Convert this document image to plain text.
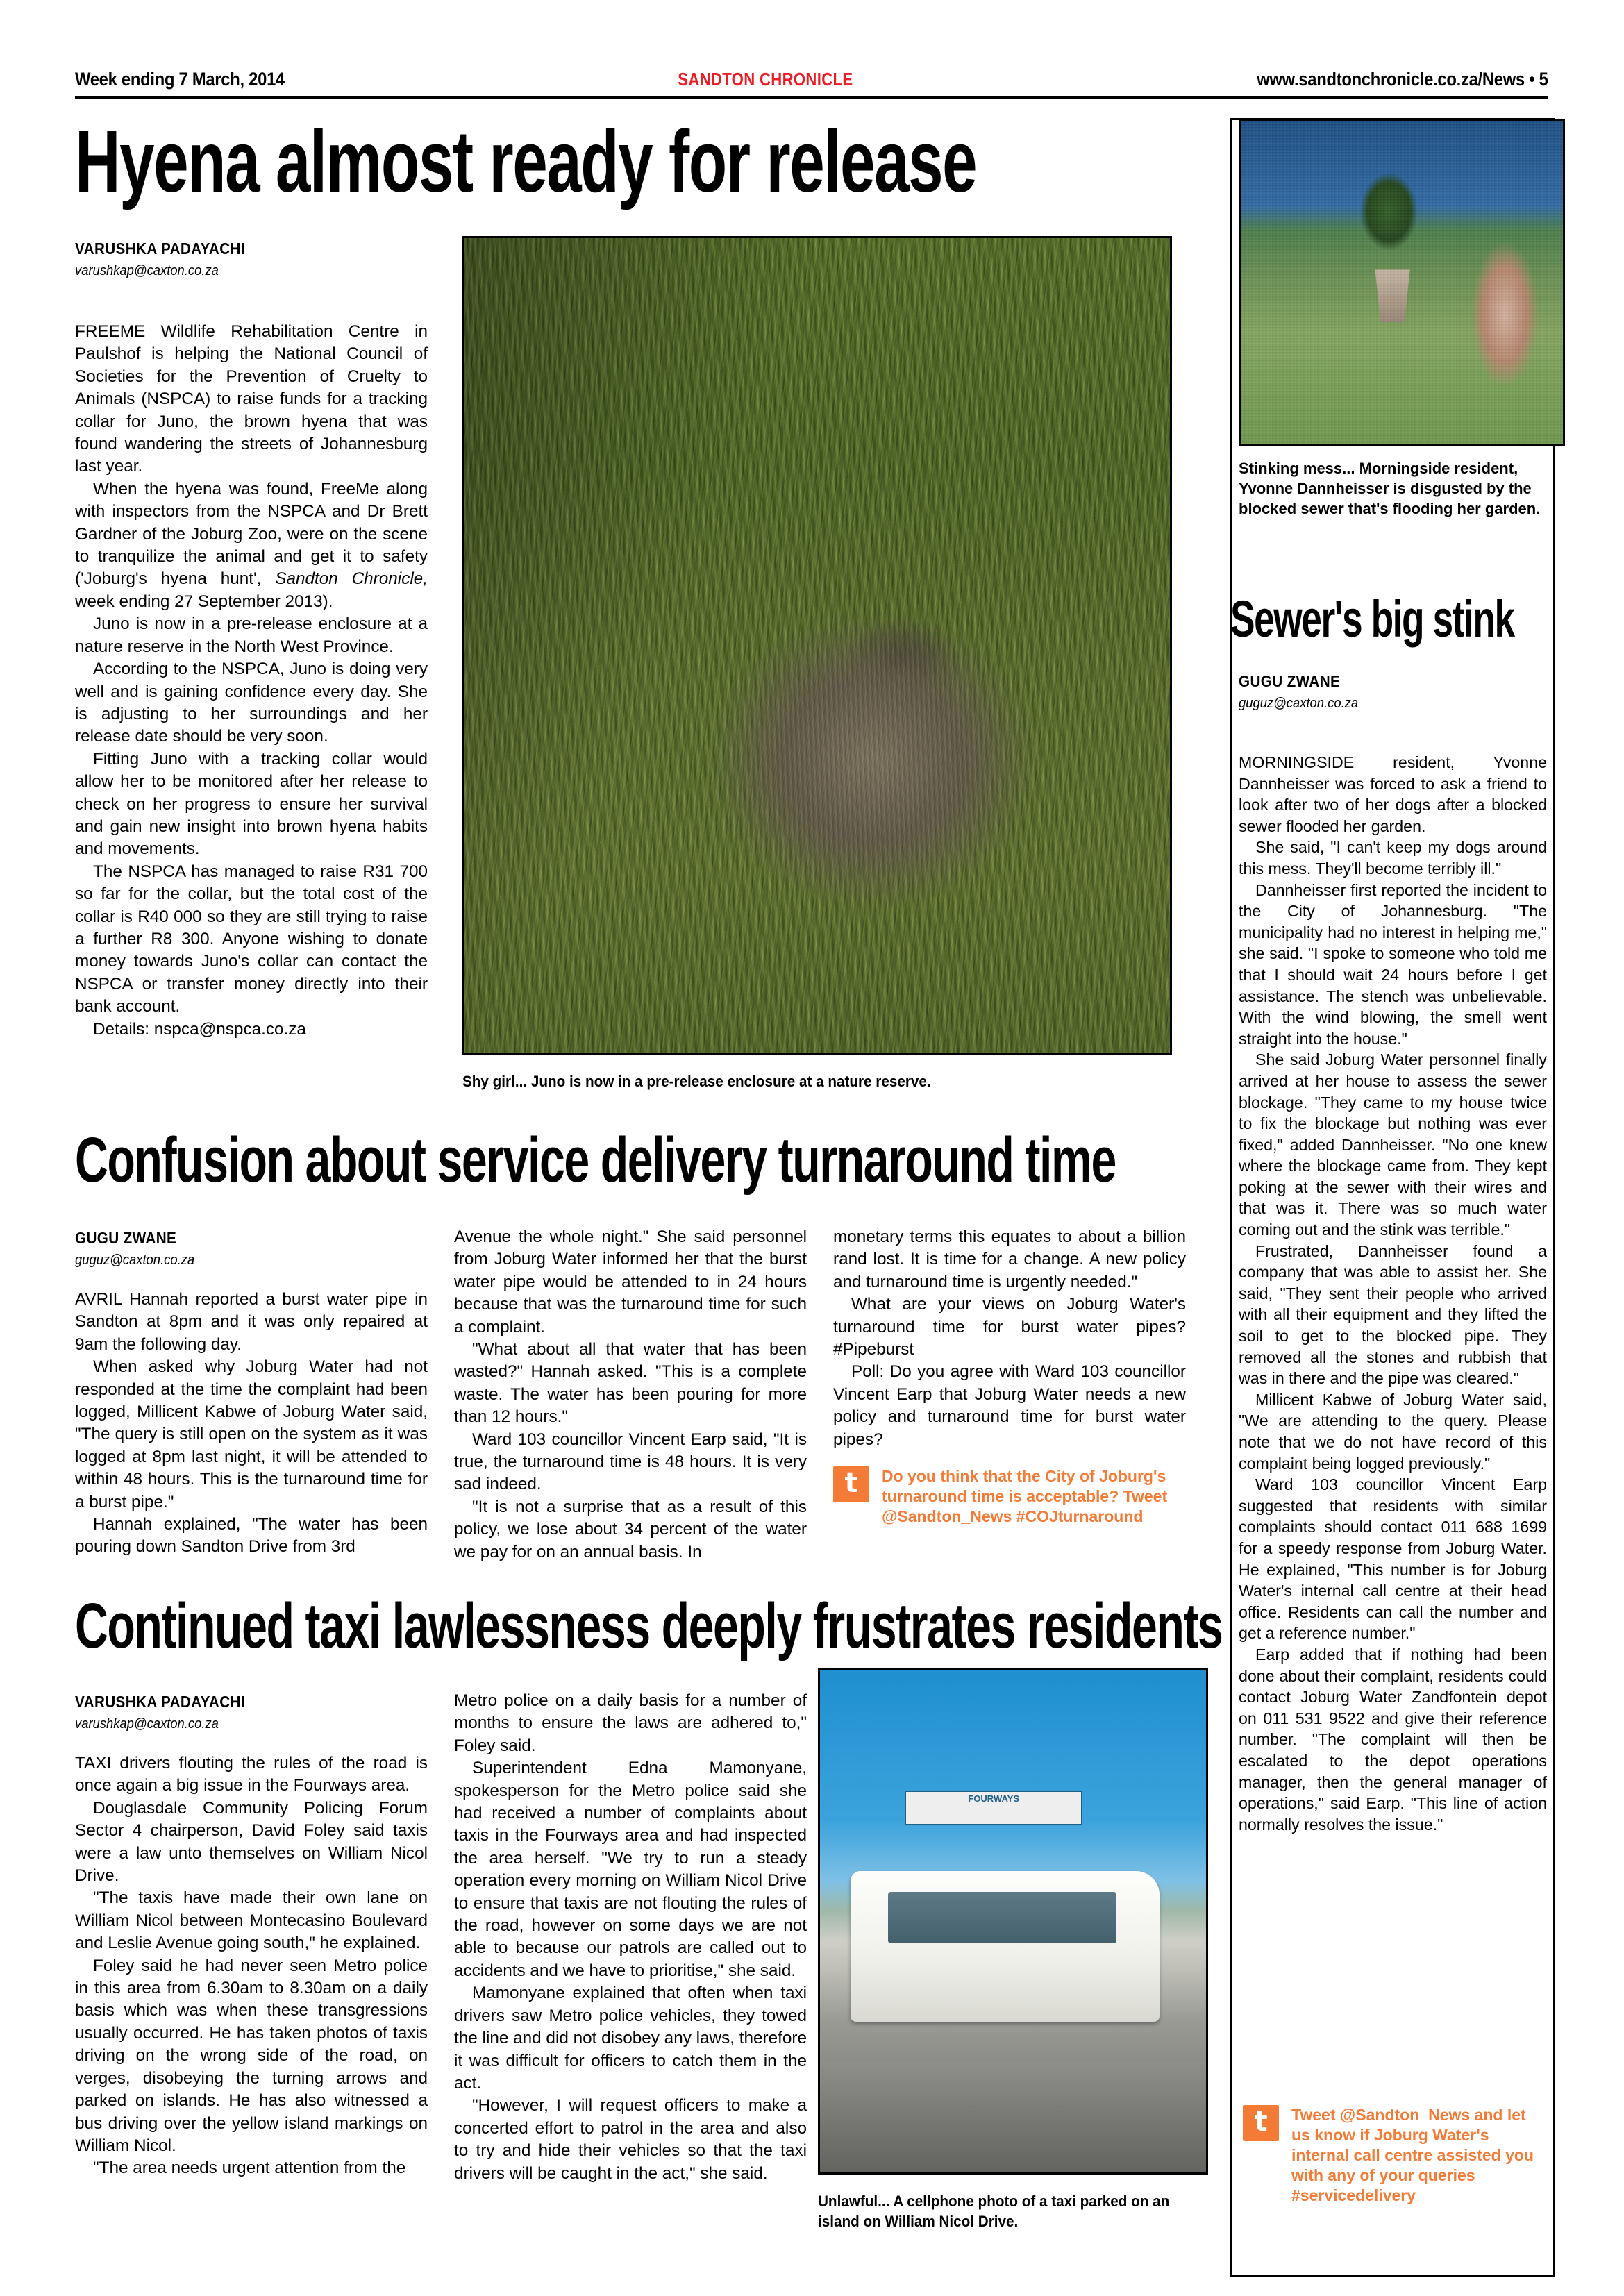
Week ending 7 March, 2014	SANDTON CHRONICLE	www.sandtonchronicle.co.za/News • 5
Hyena almost ready for release
VARUSHKA PADAYACHI
varushkap@caxton.co.za

FREEME Wildlife Rehabilitation Centre in Paulshof is helping the National Council of Societies for the Prevention of Cruelty to Animals (NSPCA) to raise funds for a tracking collar for Juno, the brown hyena that was found wandering the streets of Johannesburg last year.

When the hyena was found, FreeMe along with inspectors from the NSPCA and Dr Brett Gardner of the Joburg Zoo, were on the scene to tranquilize the animal and get it to safety ('Joburg's hyena hunt', Sandton Chronicle, week ending 27 September 2013).

Juno is now in a pre-release enclosure at a nature reserve in the North West Province.

According to the NSPCA, Juno is doing very well and is gaining confidence every day. She is adjusting to her surroundings and her release date should be very soon.

Fitting Juno with a tracking collar would allow her to be monitored after her release to check on her progress to ensure her survival and gain new insight into brown hyena habits and movements.

The NSPCA has managed to raise R31 700 so far for the collar, but the total cost of the collar is R40 000 so they are still trying to raise a further R8 300. Anyone wishing to donate money towards Juno's collar can contact the NSPCA or transfer money directly into their bank account.

Details: nspca@nspca.co.za

Shy girl... Juno is now in a pre-release enclosure at a nature reserve.
Confusion about service delivery turnaround time
GUGU ZWANE
guguz@caxton.co.za

AVRIL Hannah reported a burst water pipe in Sandton at 8pm and it was only repaired at 9am the following day.

When asked why Joburg Water had not responded at the time the complaint had been logged, Millicent Kabwe of Joburg Water said, "The query is still open on the system as it was logged at 8pm last night, it will be attended to within 48 hours. This is the turnaround time for a burst pipe."

Hannah explained, "The water has been pouring down Sandton Drive from 3rd

Avenue the whole night." She said personnel from Joburg Water informed her that the burst water pipe would be attended to in 24 hours because that was the turnaround time for such a complaint.

"What about all that water that has been wasted?" Hannah asked. "This is a complete waste. The water has been pouring for more than 12 hours."

Ward 103 councillor Vincent Earp said, "It is true, the turnaround time is 48 hours. It is very sad indeed.

"It is not a surprise that as a result of this policy, we lose about 34 percent of the water we pay for on an annual basis. In

monetary terms this equates to about a billion rand lost. It is time for a change. A new policy and turnaround time is urgently needed."

What are your views on Joburg Water's turnaround time for burst water pipes? #Pipeburst

Poll: Do you agree with Ward 103 councillor Vincent Earp that Joburg Water needs a new policy and turnaround time for burst water pipes?

t Do you think that the City of Joburg's turnaround time is acceptable? Tweet @Sandton_News #COJturnaround
Continued taxi lawlessness deeply frustrates residents
VARUSHKA PADAYACHI
varushkap@caxton.co.za

TAXI drivers flouting the rules of the road is once again a big issue in the Fourways area.

Douglasdale Community Policing Forum Sector 4 chairperson, David Foley said taxis were a law unto themselves on William Nicol Drive.

"The taxis have made their own lane on William Nicol between Montecasino Boulevard and Leslie Avenue going south," he explained.

Foley said he had never seen Metro police in this area from 6.30am to 8.30am on a daily basis which was when these transgressions usually occurred. He has taken photos of taxis driving on the wrong side of the road, on verges, disobeying the turning arrows and parked on islands. He has also witnessed a bus driving over the yellow island markings on William Nicol.

"The area needs urgent attention from the

Metro police on a daily basis for a number of months to ensure the laws are adhered to," Foley said.

Superintendent Edna Mamonyane, spokesperson for the Metro police said she had received a number of complaints about taxis in the Fourways area and had inspected the area herself. "We try to run a steady operation every morning on William Nicol Drive to ensure that taxis are not flouting the rules of the road, however on some days we are not able to because our patrols are called out to accidents and we have to prioritise," she said.

Mamonyane explained that often when taxi drivers saw Metro police vehicles, they towed the line and did not disobey any laws, therefore it was difficult for officers to catch them in the act.

"However, I will request officers to make a concerted effort to patrol in the area and also to try and hide their vehicles so that the taxi drivers will be caught in the act," she said.

FOURWAYS
Unlawful... A cellphone photo of a taxi parked on an island on William Nicol Drive.
Stinking mess... Morningside resident, Yvonne Dannheisser is disgusted by the blocked sewer that's flooding her garden.
Sewer's big stink
GUGU ZWANE
guguz@caxton.co.za

MORNINGSIDE resident, Yvonne Dannheisser was forced to ask a friend to look after two of her dogs after a blocked sewer flooded her garden.

She said, "I can't keep my dogs around this mess. They'll become terribly ill."

Dannheisser first reported the incident to the City of Johannesburg. "The municipality had no interest in helping me," she said. "I spoke to someone who told me that I should wait 24 hours before I get assistance. The stench was unbelievable. With the wind blowing, the smell went straight into the house."

She said Joburg Water personnel finally arrived at her house to assess the sewer blockage. "They came to my house twice to fix the blockage but nothing was ever fixed," added Dannheisser. "No one knew where the blockage came from. They kept poking at the sewer with their wires and that was it. There was so much water coming out and the stink was terrible."

Frustrated, Dannheisser found a company that was able to assist her. She said, "They sent their people who arrived with all their equipment and they lifted the soil to get to the blocked pipe. They removed all the stones and rubbish that was in there and the pipe was cleared."

Millicent Kabwe of Joburg Water said, "We are attending to the query. Please note that we do not have record of this complaint being logged previously."

Ward 103 councillor Vincent Earp suggested that residents with similar complaints should contact 011 688 1699 for a speedy response from Joburg Water. He explained, "This number is for Joburg Water's internal call centre at their head office. Residents can call the number and get a reference number."

Earp added that if nothing had been done about their complaint, residents could contact Joburg Water Zandfontein depot on 011 531 9522 and give their reference number. "The complaint will then be escalated to the depot operations manager, then the general manager of operations," said Earp. "This line of action normally resolves the issue."

t Tweet @Sandton_News and let us know if Joburg Water's internal call centre assisted you with any of your queries #servicedelivery
